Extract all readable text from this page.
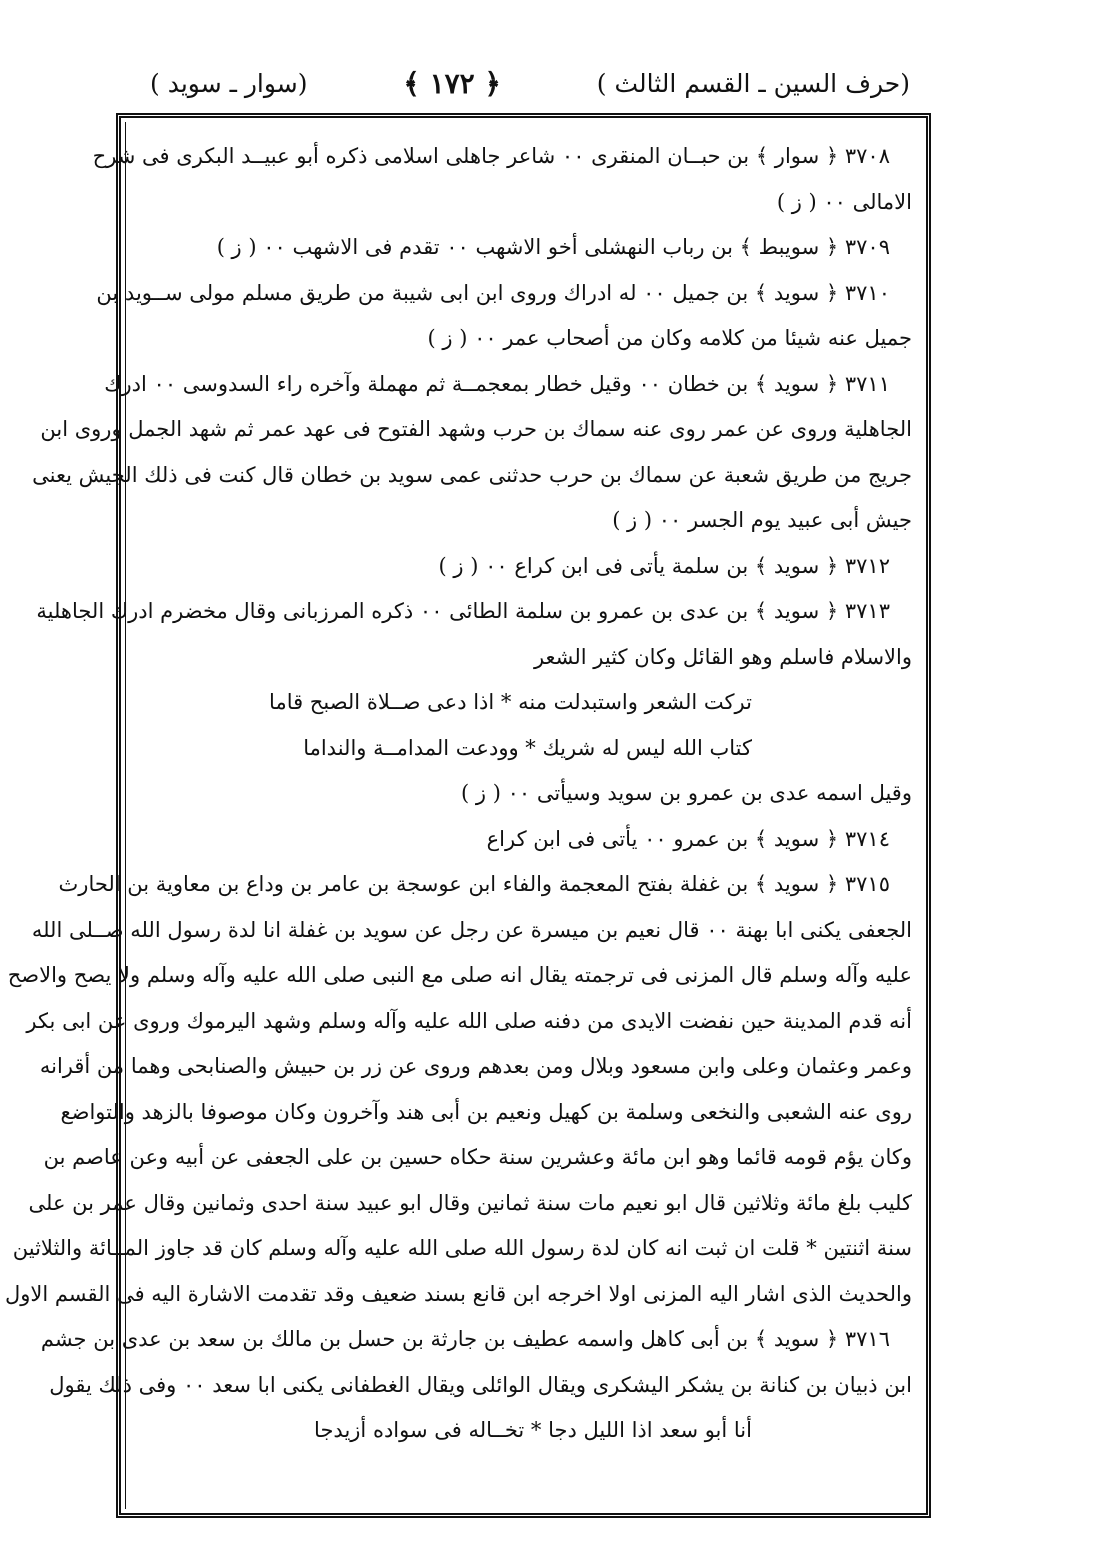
(حرف السين ـ القسم الثالث )
﴿ ١٧٢ ﴾
(سوار ـ سويد )
٣٧٠٨ ﴿ سوار ﴾ بن حبــان المنقرى ٠٠ شاعر جاهلى اسلامى ذكره أبو عبيــد البكرى فى شرح
الامالى ٠٠ ( ز )
٣٧٠٩ ﴿ سويبط ﴾ بن رباب النهشلى أخو الاشهب ٠٠ تقدم فى الاشهب ٠٠ ( ز )
٣٧١٠ ﴿ سويد ﴾ بن جميل ٠٠ له ادراك وروى ابن ابى شيبة من طريق مسلم مولى ســويد بن
جميل عنه شيئا من كلامه وكان من أصحاب عمر ٠٠ ( ز )
٣٧١١ ﴿ سويد ﴾ بن خطان ٠٠ وقيل خطار بمعجمــة ثم مهملة وآخره راء السدوسى ٠٠ ادرك
الجاهلية وروى عن عمر روى عنه سماك بن حرب وشهد الفتوح فى عهد عمر ثم شهد الجمل وروى ابن
جريج من طريق شعبة عن سماك بن حرب حدثنى عمى سويد بن خطان قال كنت فى ذلك الجيش يعنى
جيش أبى عبيد يوم الجسر ٠٠ ( ز )
٣٧١٢ ﴿ سويد ﴾ بن سلمة يأتى فى ابن كراع ٠٠ ( ز )
٣٧١٣ ﴿ سويد ﴾ بن عدى بن عمرو بن سلمة الطائى ٠٠ ذكره المرزبانى وقال مخضرم ادرك الجاهلية
والاسلام فاسلم وهو القائل وكان كثير الشعر
تركت الشعر واستبدلت منه * اذا دعى صــلاة الصبح قاما
كتاب الله ليس له شريك * وودعت المدامــة والنداما
وقيل اسمه عدى بن عمرو بن سويد وسيأتى ٠٠ ( ز )
٣٧١٤ ﴿ سويد ﴾ بن عمرو ٠٠ يأتى فى ابن كراع
٣٧١٥ ﴿ سويد ﴾ بن غفلة بفتح المعجمة والفاء ابن عوسجة بن عامر بن وداع بن معاوية بن الحارث
الجعفى يكنى ابا بهنة ٠٠ قال نعيم بن ميسرة عن رجل عن سويد بن غفلة انا لدة رسول الله صــلى الله
عليه وآله وسلم قال المزنى فى ترجمته يقال انه صلى مع النبى صلى الله عليه وآله وسلم ولا يصح والاصح
أنه قدم المدينة حين نفضت الايدى من دفنه صلى الله عليه وآله وسلم وشهد اليرموك وروى عن ابى بكر
وعمر وعثمان وعلى وابن مسعود وبلال ومن بعدهم وروى عن زر بن حبيش والصنابحى وهما من أقرانه
روى عنه الشعبى والنخعى وسلمة بن كهيل ونعيم بن أبى هند وآخرون وكان موصوفا بالزهد والتواضع
وكان يؤم قومه قائما وهو ابن مائة وعشرين سنة حكاه حسين بن على الجعفى عن أبيه وعن عاصم بن
كليب بلغ مائة وثلاثين قال ابو نعيم مات سنة ثمانين وقال ابو عبيد سنة احدى وثمانين وقال عمر بن على
سنة اثنتين * قلت ان ثبت انه كان لدة رسول الله صلى الله عليه وآله وسلم كان قد جاوز المــائة والثلاثين
والحديث الذى اشار اليه المزنى اولا اخرجه ابن قانع بسند ضعيف وقد تقدمت الاشارة اليه فى القسم الاول
٣٧١٦ ﴿ سويد ﴾ بن أبى كاهل واسمه عطيف بن جارثة بن حسل بن مالك بن سعد بن عدى بن جشم
ابن ذبيان بن كنانة بن يشكر اليشكرى ويقال الوائلى ويقال الغطفانى يكنى ابا سعد ٠٠ وفى ذلك يقول
أنا أبو سعد اذا الليل دجا * تخــاله فى سواده أزيدجا
